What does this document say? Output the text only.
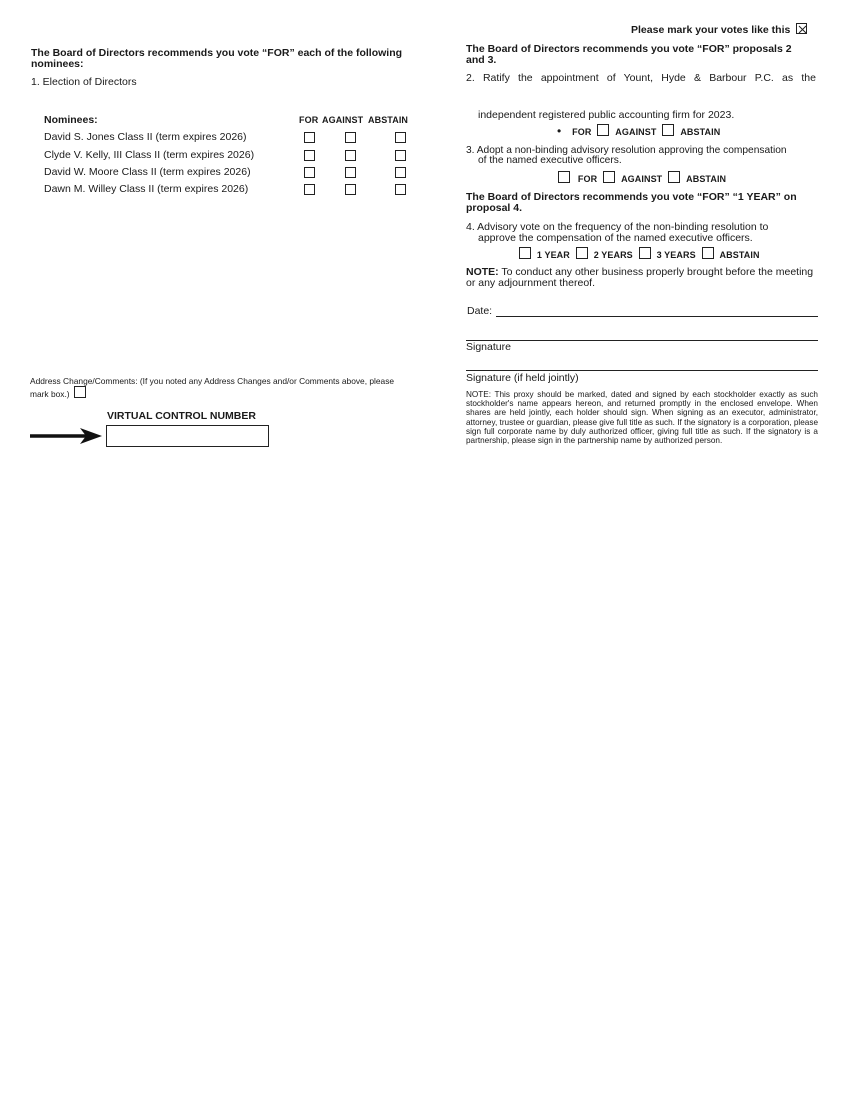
Please mark your votes like this
The Board of Directors recommends you vote “FOR” each of the following nominees:
1. Election of Directors
Nominees:	FOR AGAINST ABSTAIN
David S. Jones Class II (term expires 2026)
Clyde V. Kelly, III Class II (term expires 2026)
David W. Moore Class II (term expires 2026)
Dawn M. Willey Class II (term expires 2026)
Address Change/Comments: (If you noted any Address Changes and/or Comments above, please mark box.)
VIRTUAL CONTROL NUMBER
The Board of Directors recommends you vote “FOR” proposals 2 and 3.
2. Ratify the appointment of Yount, Hyde & Barbour P.C. as the
independent registered public accounting firm for 2023.
• FOR	AGAINST	ABSTAIN
3. Adopt a non-binding advisory resolution approving the compensation
of the named executive officers.
FOR	AGAINST	ABSTAIN
The Board of Directors recommends you vote “FOR” “1 YEAR” on proposal 4.
4. Advisory vote on the frequency of the non-binding resolution to
approve the compensation of the named executive officers.
1 YEAR	2 YEARS	3 YEARS	ABSTAIN
NOTE: To conduct any other business properly brought before the meeting or any adjournment thereof.
Date:
Signature
Signature (if held jointly)
NOTE: This proxy should be marked, dated and signed by each stockholder exactly as such stockholder's name appears hereon, and returned promptly in the enclosed envelope. When shares are held jointly, each holder should sign. When signing as an executor, administrator, attorney, trustee or guardian, please give full title as such. If the signatory is a corporation, please sign full corporate name by duly authorized officer, giving full title as such. If the signatory is a partnership, please sign in the partnership name by authorized person.
